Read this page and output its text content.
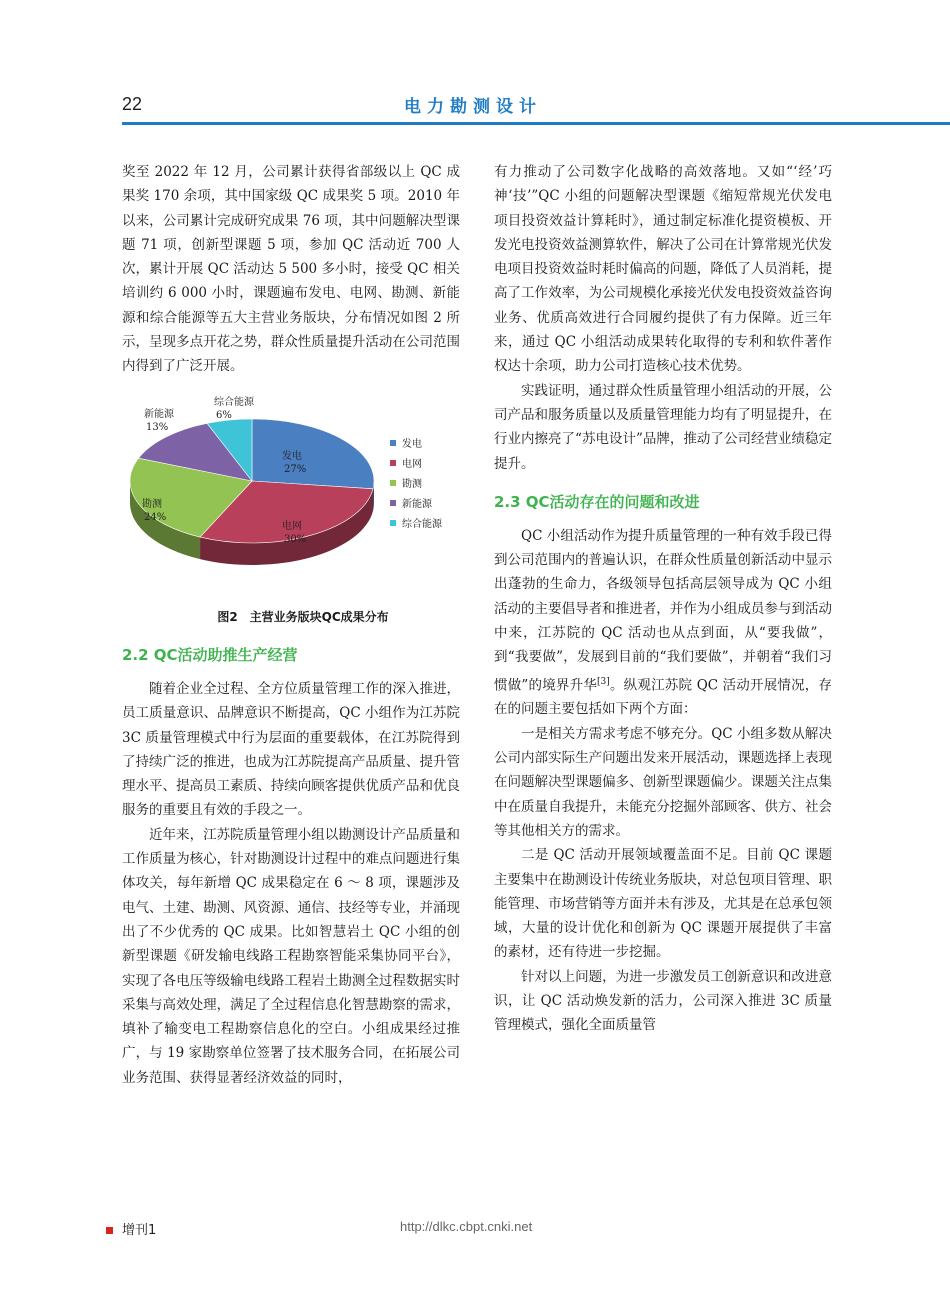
22	电力勘测设计

奖至 2022 年 12 月，公司累计获得省部级以上 QC 成果奖 170 余项，其中国家级 QC 成果奖 5 项。2010 年以来，公司累计完成研究成果 76 项，其中问题解决型课题 71 项，创新型课题 5 项，参加 QC 活动近 700 人次，累计开展 QC 活动达 5 500 多小时，接受 QC 相关培训约 6 000 小时，课题遍布发电、电网、勘测、新能源和综合能源等五大主营业务版块，分布情况如图 2 所示，呈现多点开花之势，群众性质量提升活动在公司范围内得到了广泛开展。

发电
27%
电网
30%
勘测
24%
新能源
13%
综合能源
6%
发电
电网
勘测
新能源
综合能源

图2　主营业务版块QC成果分布

2.2 QC活动助推生产经营

随着企业全过程、全方位质量管理工作的深入推进，员工质量意识、品牌意识不断提高，QC 小组作为江苏院 3C 质量管理模式中行为层面的重要载体，在江苏院得到了持续广泛的推进，也成为江苏院提高产品质量、提升管理水平、提高员工素质、持续向顾客提供优质产品和优良服务的重要且有效的手段之一。

近年来，江苏院质量管理小组以勘测设计产品质量和工作质量为核心，针对勘测设计过程中的难点问题进行集体攻关，每年新增 QC 成果稳定在 6 ～ 8 项，课题涉及电气、土建、勘测、风资源、通信、技经等专业，并涌现出了不少优秀的 QC 成果。比如智慧岩土 QC 小组的创新型课题《研发输电线路工程勘察智能采集协同平台》，实现了各电压等级输电线路工程岩土勘测全过程数据实时采集与高效处理，满足了全过程信息化智慧勘察的需求，填补了输变电工程勘察信息化的空白。小组成果经过推广，与 19 家勘察单位签署了技术服务合同，在拓展公司业务范围、获得显著经济效益的同时，

有力推动了公司数字化战略的高效落地。又如“‘经’巧神‘技’”QC 小组的问题解决型课题《缩短常规光伏发电项目投资效益计算耗时》，通过制定标准化提资模板、开发光电投资效益测算软件，解决了公司在计算常规光伏发电项目投资效益时耗时偏高的问题，降低了人员消耗，提高了工作效率，为公司规模化承接光伏发电投资效益咨询业务、优质高效进行合同履约提供了有力保障。近三年来，通过 QC 小组活动成果转化取得的专利和软件著作权达十余项，助力公司打造核心技术优势。

实践证明，通过群众性质量管理小组活动的开展，公司产品和服务质量以及质量管理能力均有了明显提升，在行业内擦亮了“苏电设计”品牌，推动了公司经营业绩稳定提升。

2.3 QC活动存在的问题和改进

QC 小组活动作为提升质量管理的一种有效手段已得到公司范围内的普遍认识，在群众性质量创新活动中显示出蓬勃的生命力，各级领导包括高层领导成为 QC 小组活动的主要倡导者和推进者，并作为小组成员参与到活动中来，江苏院的 QC 活动也从点到面，从“要我做”，到“我要做”，发展到目前的“我们要做”，并朝着“我们习惯做”的境界升华[3]。纵观江苏院 QC 活动开展情况，存在的问题主要包括如下两个方面：

一是相关方需求考虑不够充分。QC 小组多数从解决公司内部实际生产问题出发来开展活动，课题选择上表现在问题解决型课题偏多、创新型课题偏少。课题关注点集中在质量自我提升，未能充分挖掘外部顾客、供方、社会等其他相关方的需求。

二是 QC 活动开展领域覆盖面不足。目前 QC 课题主要集中在勘测设计传统业务版块，对总包项目管理、职能管理、市场营销等方面并未有涉及，尤其是在总承包领域，大量的设计优化和创新为 QC 课题开展提供了丰富的素材，还有待进一步挖掘。

针对以上问题，为进一步激发员工创新意识和改进意识，让 QC 活动焕发新的活力，公司深入推进 3C 质量管理模式，强化全面质量管

增刊1	http://dlkc.cbpt.cnki.net
